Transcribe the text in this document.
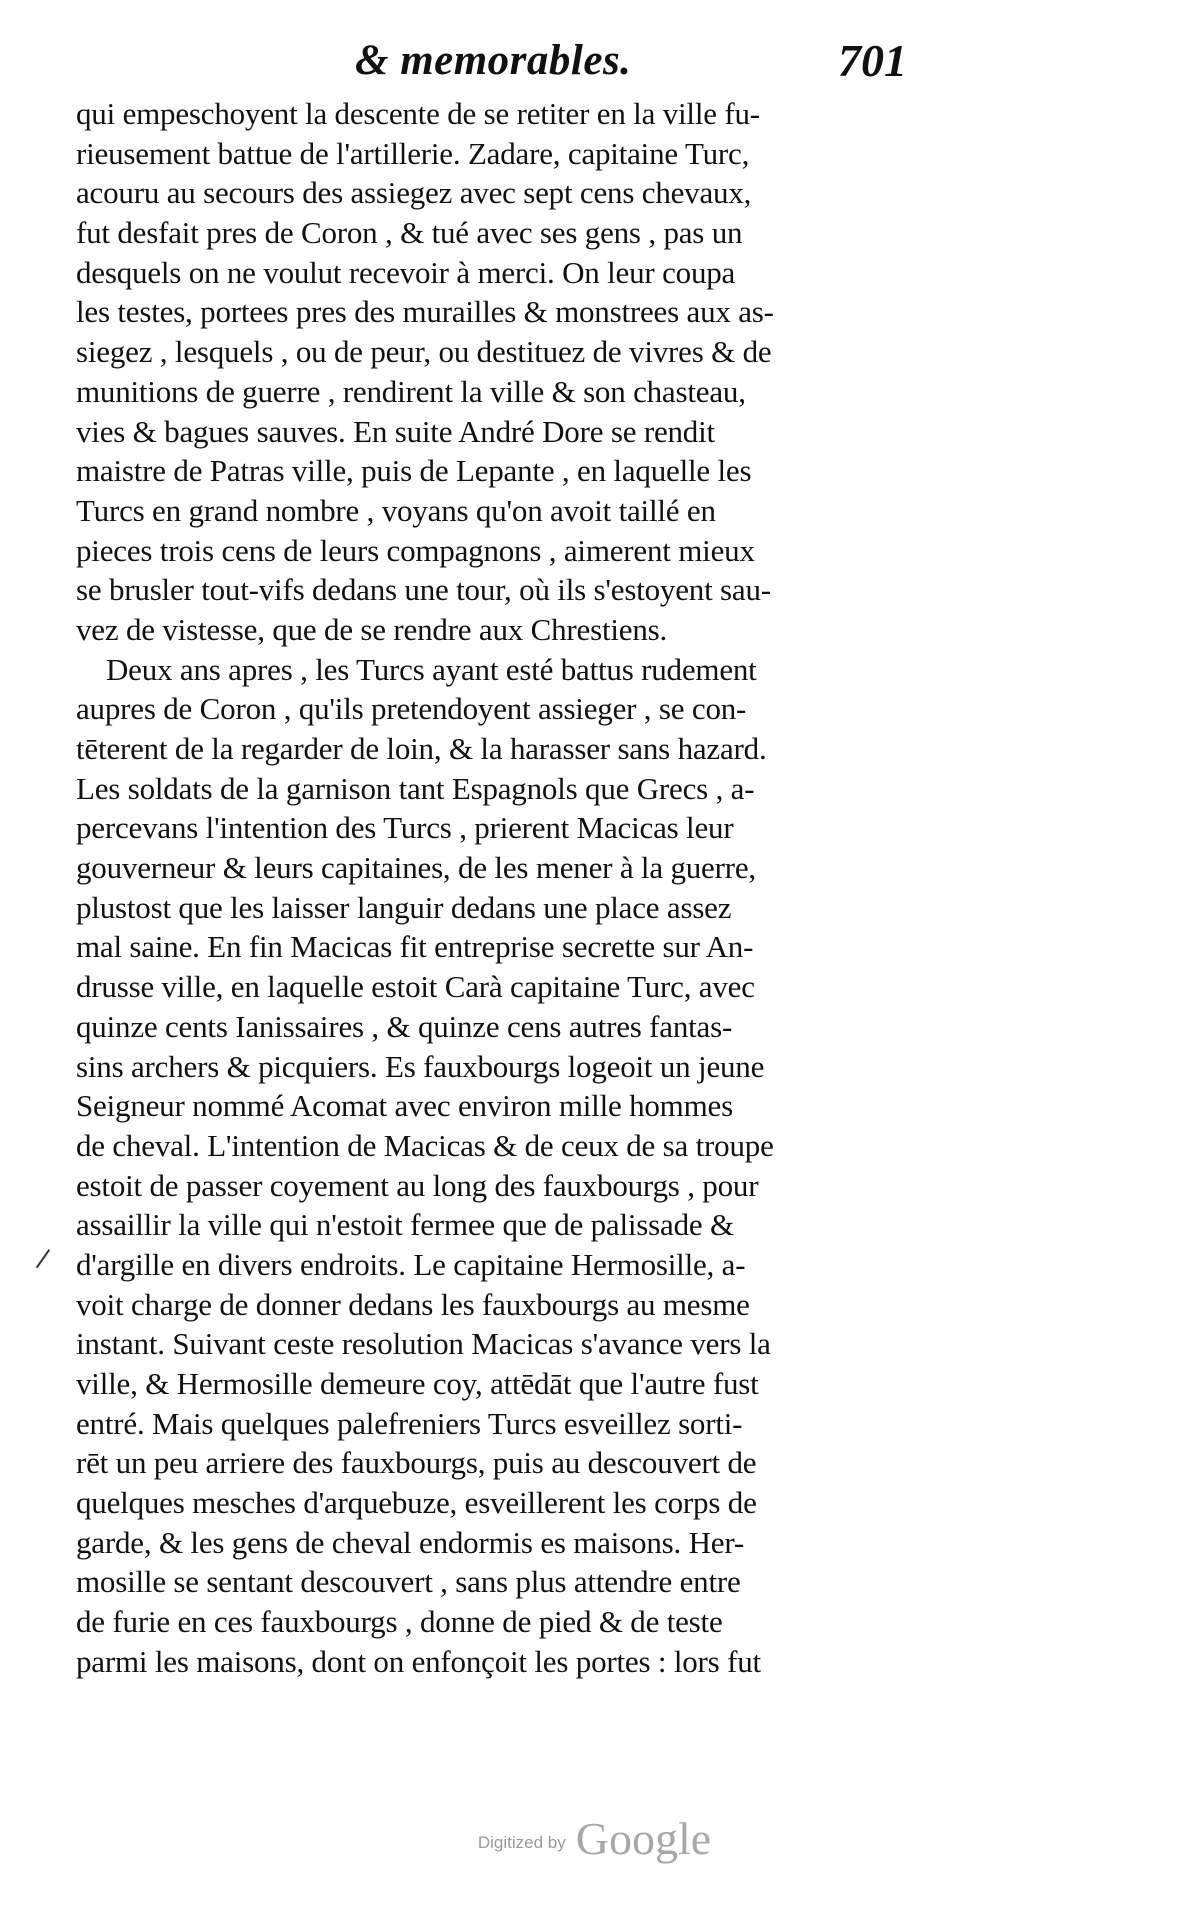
& memorables.	701
qui empeschoyent la descente de se retiter en la ville fu-
rieusement battue de l'artillerie. Zadare, capitaine Turc,
acouru au secours des assiegez avec sept cens chevaux,
fut desfait pres de Coron , & tué avec ses gens , pas un
desquels on ne voulut recevoir à merci. On leur coupa
les testes, portees pres des murailles & monstrees aux as-
siegez , lesquels , ou de peur, ou destituez de vivres & de
munitions de guerre , rendirent la ville & son chasteau,
vies & bagues sauves. En suite André Dore se rendit
maistre de Patras ville, puis de Lepante , en laquelle les
Turcs en grand nombre , voyans qu'on avoit taillé en
pieces trois cens de leurs compagnons , aimerent mieux
se brusler tout-vifs dedans une tour, où ils s'estoyent sau-
vez de vistesse, que de se rendre aux Chrestiens.
Deux ans apres , les Turcs ayant esté battus rudement
aupres de Coron , qu'ils pretendoyent assieger , se con-
tēterent de la regarder de loin, & la harasser sans hazard.
Les soldats de la garnison tant Espagnols que Grecs , a-
percevans l'intention des Turcs , prierent Macicas leur
gouverneur & leurs capitaines, de les mener à la guerre,
plustost que les laisser languir dedans une place assez
mal saine. En fin Macicas fit entreprise secrette sur An-
drusse ville, en laquelle estoit Carà capitaine Turc, avec
quinze cents Ianissaires , & quinze cens autres fantas-
sins archers & picquiers. Es fauxbourgs logeoit un jeune
Seigneur nommé Acomat avec environ mille hommes
de cheval. L'intention de Macicas & de ceux de sa troupe
estoit de passer coyement au long des fauxbourgs , pour
assaillir la ville qui n'estoit fermee que de palissade &
d'argille en divers endroits. Le capitaine Hermosille, a-
voit charge de donner dedans les fauxbourgs au mesme
instant. Suivant ceste resolution Macicas s'avance vers la
ville, & Hermosille demeure coy, attēdāt que l'autre fust
entré. Mais quelques palefreniers Turcs esveillez sorti-
rēt un peu arriere des fauxbourgs, puis au descouvert de
quelques mesches d'arquebuze, esveillerent les corps de
garde, & les gens de cheval endormis es maisons. Her-
mosille se sentant descouvert , sans plus attendre entre
de furie en ces fauxbourgs , donne de pied & de teste
parmi les maisons, dont on enfonçoit les portes : lors fut
Digitized by Google
